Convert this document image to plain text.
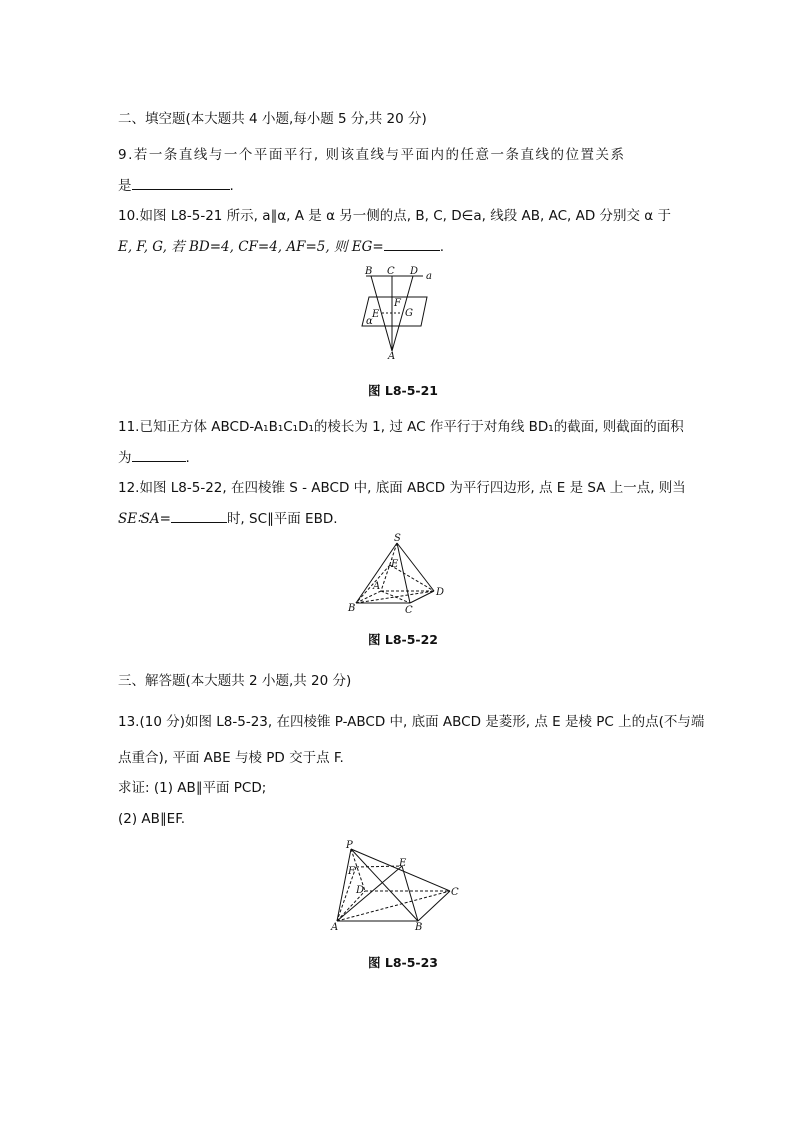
二、填空题(本大题共 4 小题,每小题 5 分,共 20 分)
9.若一条直线与一个平面平行, 则该直线与平面内的任意一条直线的位置关系
是	.
10.如图 L8-5-21 所示, a∥α, A 是 α 另一侧的点, B, C, D∈a, 线段 AB, AC, AD 分别交 α 于
E, F, G, 若 BD=4, CF=4, AF=5, 则 EG=	.
B C D a
F
E	G
α
A
图 L8-5-21
11.已知正方体 ABCD-A₁B₁C₁D₁的棱长为 1, 过 AC 作平行于对角线 BD₁的截面, 则截面的面积
为	.
12.如图 L8-5-22, 在四棱锥 S - ABCD 中, 底面 ABCD 为平行四边形, 点 E 是 SA 上一点, 则当
SE∶SA=	时, SC∥平面 EBD.
S
E
A
B	C
D
图 L8-5-22
三、解答题(本大题共 2 小题,共 20 分)
13.(10 分)如图 L8-5-23, 在四棱锥 P-ABCD 中, 底面 ABCD 是菱形, 点 E 是棱 PC 上的点(不与端
点重合), 平面 ABE 与棱 PD 交于点 F.
求证: (1) AB∥平面 PCD;
(2) AB∥EF.
P
E
F
D	C
A	B
图 L8-5-23
